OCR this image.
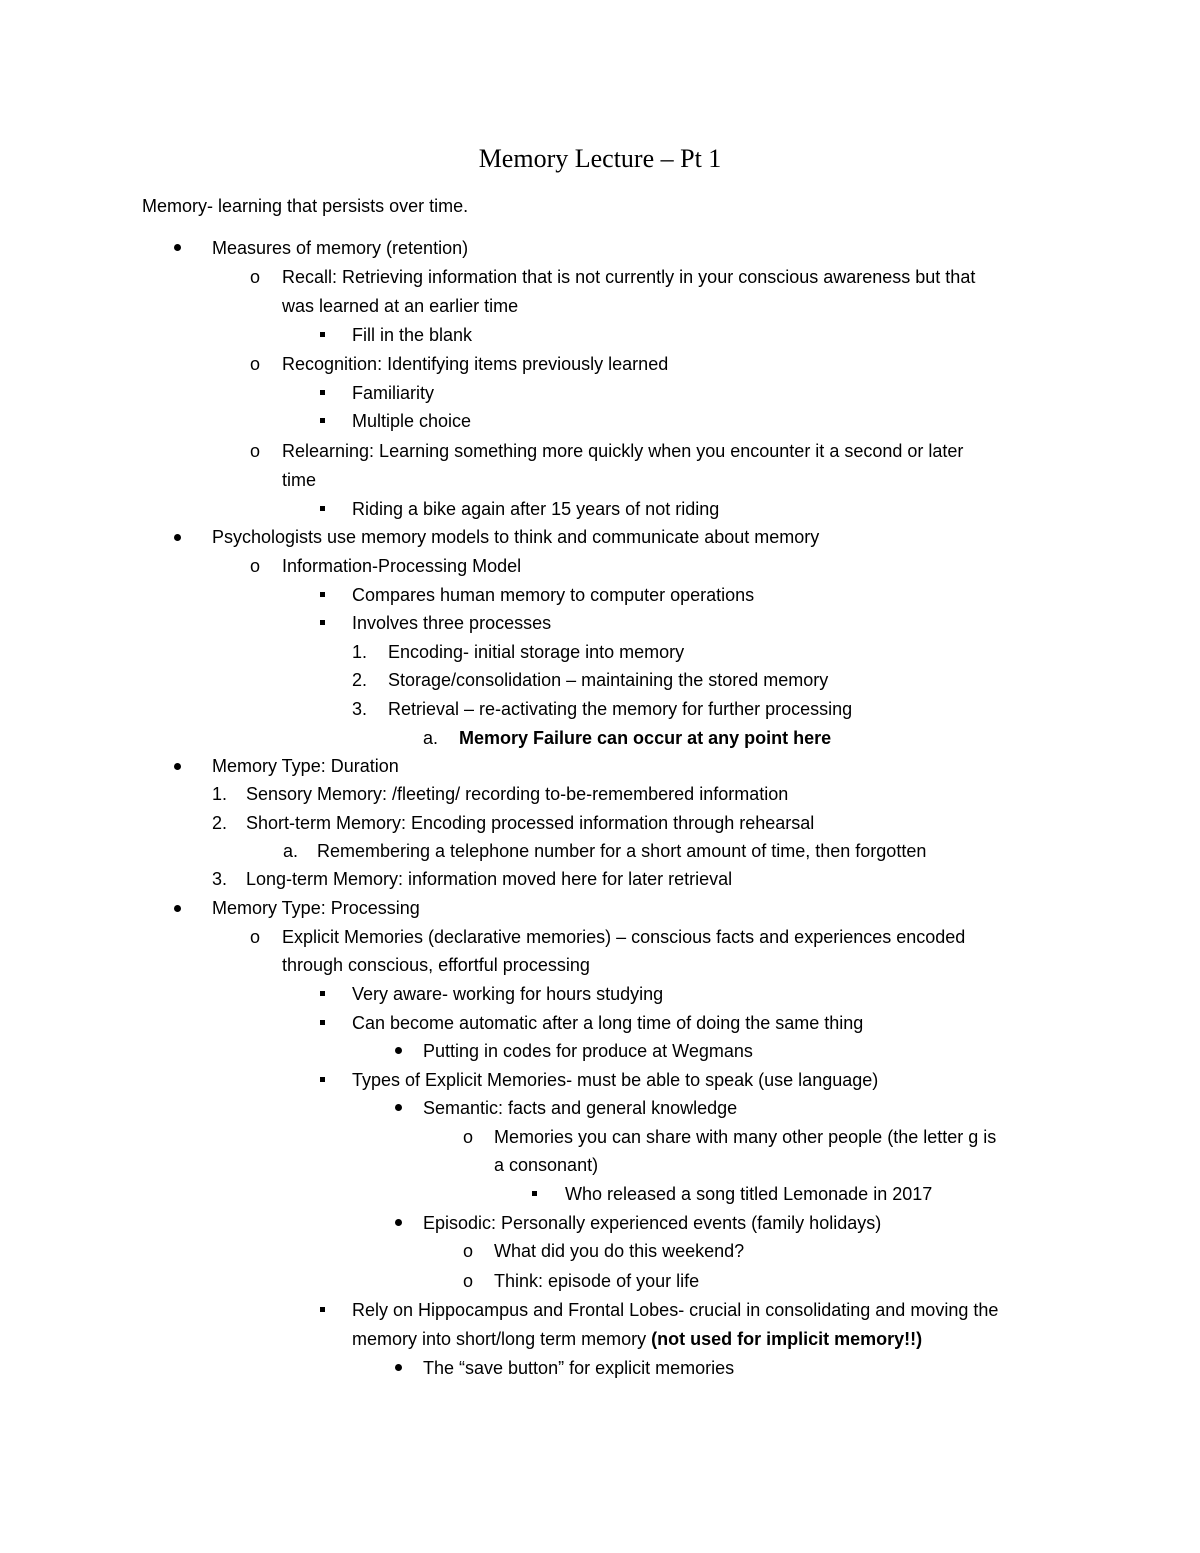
Memory Lecture – Pt 1
Memory- learning that persists over time.
Measures of memory (retention)
o Recall: Retrieving information that is not currently in your conscious awareness but that
was learned at an earlier time
Fill in the blank
o Recognition: Identifying items previously learned
Familiarity
Multiple choice
o Relearning: Learning something more quickly when you encounter it a second or later
time
Riding a bike again after 15 years of not riding
Psychologists use memory models to think and communicate about memory
o Information-Processing Model
Compares human memory to computer operations
Involves three processes
1. Encoding- initial storage into memory
2. Storage/consolidation – maintaining the stored memory
3. Retrieval – re-activating the memory for further processing
a. Memory Failure can occur at any point here
Memory Type: Duration
1. Sensory Memory: /fleeting/ recording to-be-remembered information
2. Short-term Memory: Encoding processed information through rehearsal
a. Remembering a telephone number for a short amount of time, then forgotten
3. Long-term Memory: information moved here for later retrieval
Memory Type: Processing
o Explicit Memories (declarative memories) – conscious facts and experiences encoded
through conscious, effortful processing
Very aware- working for hours studying
Can become automatic after a long time of doing the same thing
Putting in codes for produce at Wegmans
Types of Explicit Memories- must be able to speak (use language)
Semantic: facts and general knowledge
o Memories you can share with many other people (the letter g is
a consonant)
Who released a song titled Lemonade in 2017
Episodic: Personally experienced events (family holidays)
o What did you do this weekend?
o Think: episode of your life
Rely on Hippocampus and Frontal Lobes- crucial in consolidating and moving the
memory into short/long term memory (not used for implicit memory!!)
The “save button” for explicit memories
